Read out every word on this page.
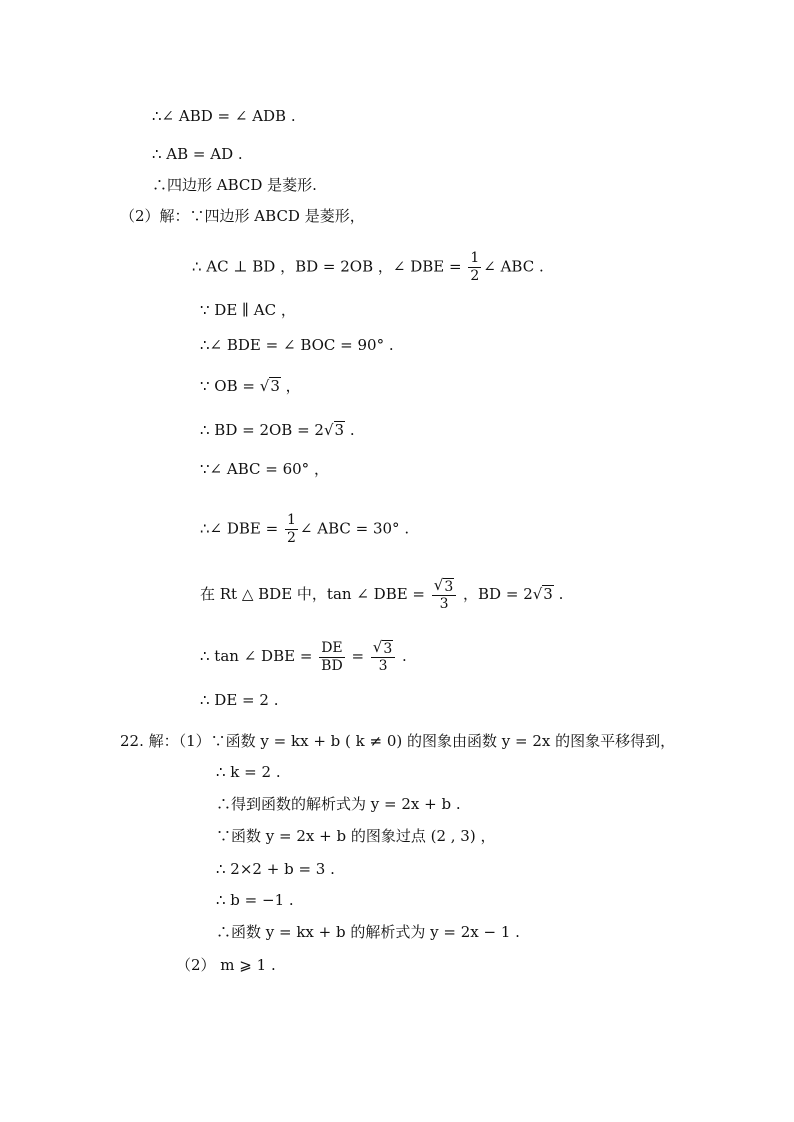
∴∠ ABD = ∠ ADB .
∴ AB = AD .
∴四边形 ABCD 是菱形.
（2）解：∵四边形 ABCD 是菱形，
∴ AC ⊥ BD ，BD = 2OB ，∠ DBE = $\frac{1}{2}$ ∠ ABC .
∵ DE ∥ AC ，
∴∠ BDE = ∠ BOC = 90° .
∵ OB = √ 3 ，
∴ BD = 2OB = 2 √ 3 .
∵∠ ABC = 60° ，
∴∠ DBE = $\frac{1}{2}$ ∠ ABC = 30° .
在 Rt △ BDE 中，tan ∠ DBE = $\frac{√ 3}{3}$ ，BD = 2 √ 3 .
∴ tan ∠ DBE = $\frac{DE}{BD} = \frac{√ 3}{3}$ .
∴ DE = 2 .
22. 解：（1）∵函数 y = kx + b ( k ≠ 0) 的图象由函数 y = 2x 的图象平移得到，
∴ k = 2 .
∴得到函数的解析式为 y = 2x + b .
∵函数 y = 2x + b 的图象过点 (2 , 3) ，
∴ 2×2 + b = 3 .
∴ b = −1 .
∴函数 y = kx + b 的解析式为 y = 2x − 1 .
（2） m ⩾ 1 .
